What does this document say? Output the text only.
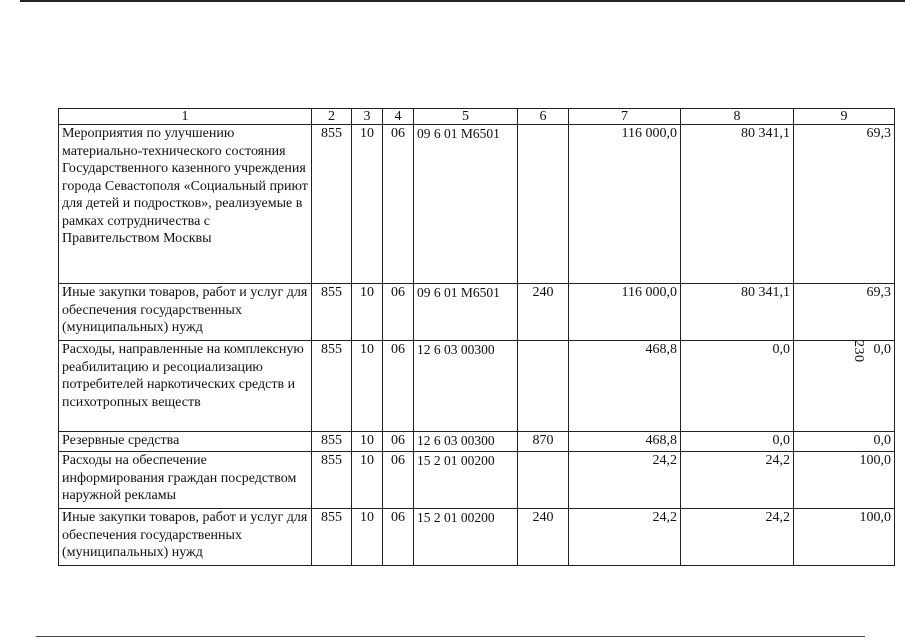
230
1	2	3	4	5	6	7	8	9
Мероприятия по улучшению материально-технического состояния Государственного казенного учреждения города Севастополя «Социальный приют для детей и подростков», реализуемые в рамках сотрудничества с Правительством Москвы	855	10	06	09 6 01 М6501		116 000,0	80 341,1	69,3
Иные закупки товаров, работ и услуг для обеспечения государственных (муниципальных) нужд	855	10	06	09 6 01 М6501	240	116 000,0	80 341,1	69,3
Расходы, направленные на комплексную реабилитацию и ресоциализацию потребителей наркотических средств и психотропных веществ	855	10	06	12 6 03 00300		468,8	0,0	0,0
Резервные средства	855	10	06	12 6 03 00300	870	468,8	0,0	0,0
Расходы на обеспечение информирования граждан посредством наружной рекламы	855	10	06	15 2 01 00200		24,2	24,2	100,0
Иные закупки товаров, работ и услуг для обеспечения государственных (муниципальных) нужд	855	10	06	15 2 01 00200	240	24,2	24,2	100,0
